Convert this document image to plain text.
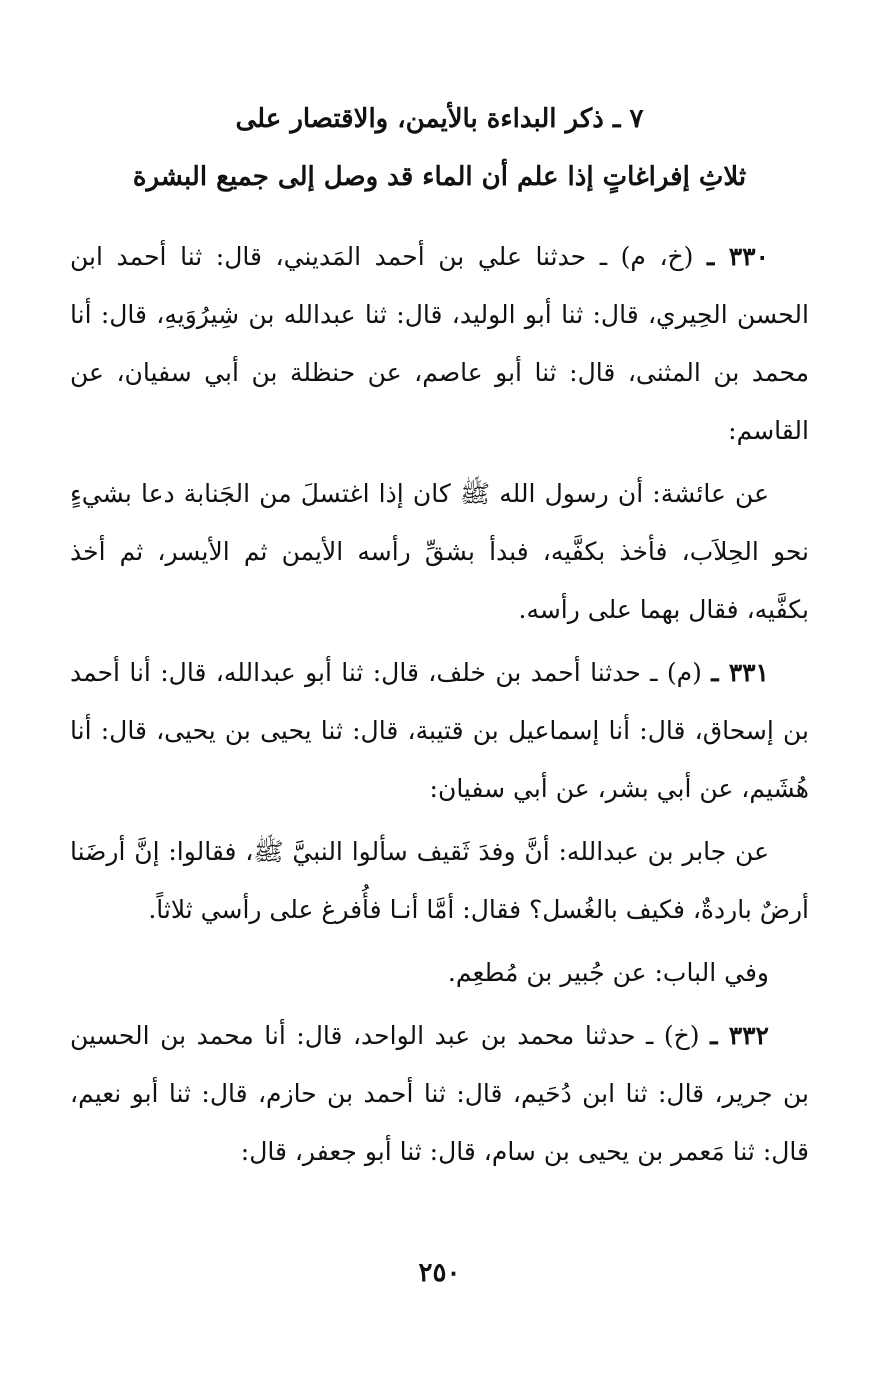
٧ ـ ذكر البداءة بالأيمن، والاقتصار على
ثلاثِ إفراغاتٍ إذا علم أن الماء قد وصل إلى جميع البشرة

٣٣٠ ـ (خ، م) ـ حدثنا علي بن أحمد المَديني، قال: ثنا أحمد ابن الحسن الحِيري، قال: ثنا أبو الوليد، قال: ثنا عبدالله بن شِيرُوَيهِ، قال: أنا محمد بن المثنى، قال: ثنا أبو عاصم، عن حنظلة بن أبي سفيان، عن القاسم:

عن عائشة: أن رسول الله ﷺ كان إذا اغتسلَ من الجَنابة دعا بشيءٍ نحو الحِلاَب، فأخذ بكفَّيه، فبدأ بشقِّ رأسه الأيمن ثم الأيسر، ثم أخذ بكفَّيه، فقال بهما على رأسه.

٣٣١ ـ (م) ـ حدثنا أحمد بن خلف، قال: ثنا أبو عبدالله، قال: أنا أحمد بن إسحاق، قال: أنا إسماعيل بن قتيبة، قال: ثنا يحيى بن يحيى، قال: أنا هُشَيم، عن أبي بشر، عن أبي سفيان:

عن جابر بن عبدالله: أنَّ وفدَ ثَقيف سألوا النبيَّ ﷺ، فقالوا: إنَّ أرضَنا أرضٌ باردةٌ، فكيف بالغُسل؟ فقال: أمَّا أنـا فأُفرغ على رأسي ثلاثاً.

وفي الباب: عن جُبير بن مُطعِم.

٣٣٢ ـ (خ) ـ حدثنا محمد بن عبد الواحد، قال: أنا محمد بن الحسين بن جرير، قال: ثنا ابن دُحَيم، قال: ثنا أحمد بن حازم، قال: ثنا أبو نعيم، قال: ثنا مَعمر بن يحيى بن سام، قال: ثنا أبو جعفر، قال:

٢٥٠
